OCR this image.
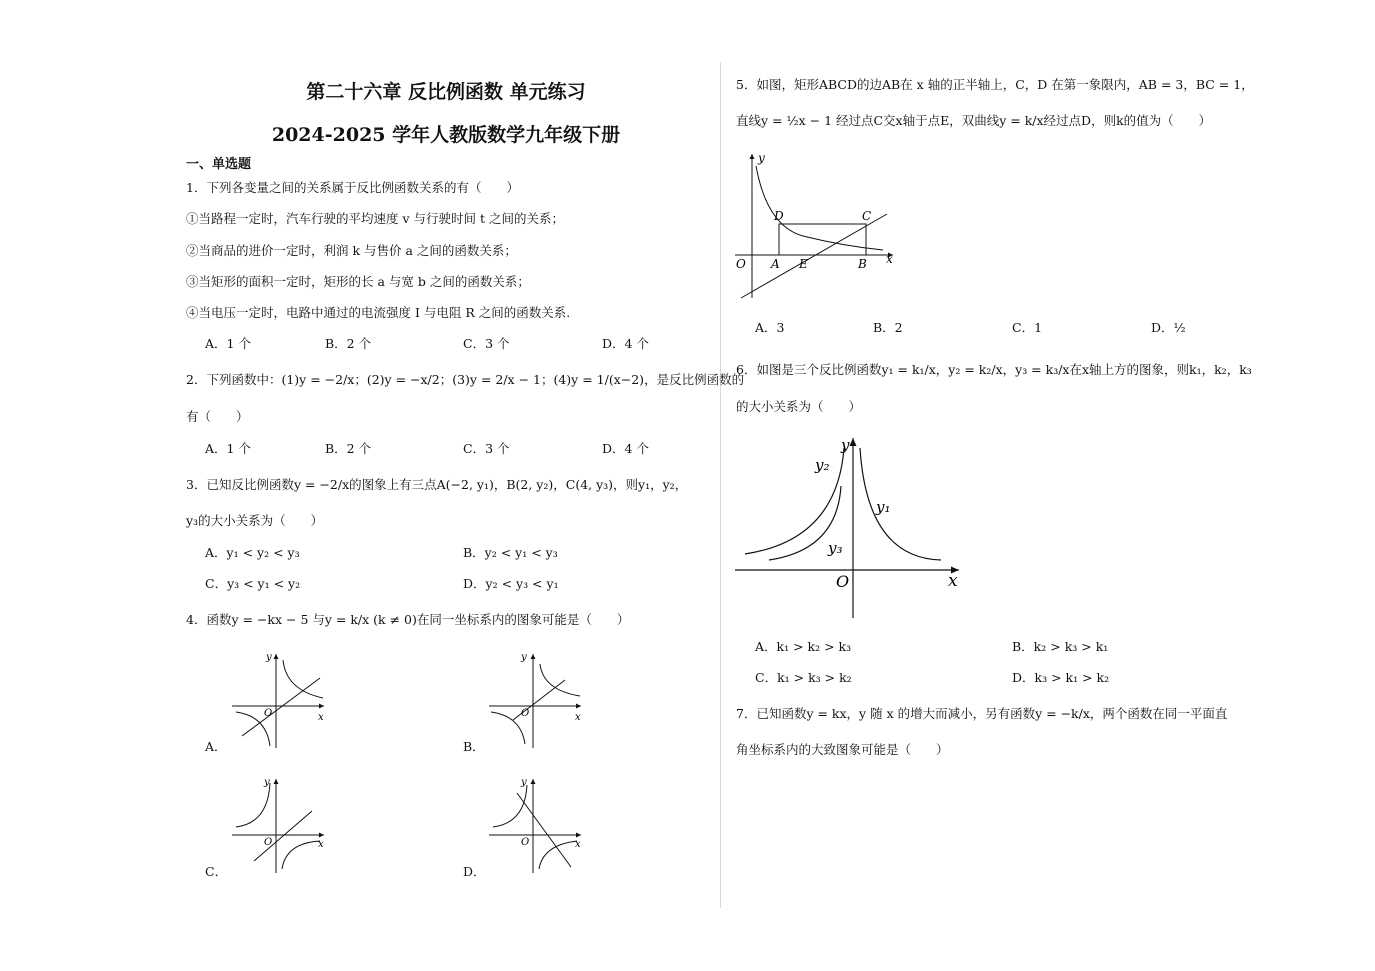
第二十六章 反比例函数 单元练习
2024-2025 学年人教版数学九年级下册
一、单选题
1．下列各变量之间的关系属于反比例函数关系的有（　　）
①当路程一定时，汽车行驶的平均速度 v 与行驶时间 t 之间的关系；
②当商品的进价一定时，利润 k 与售价 a 之间的函数关系；
③当矩形的面积一定时，矩形的长 a 与宽 b 之间的函数关系；
④当电压一定时，电路中通过的电流强度 I 与电阻 R 之间的函数关系.
A．1 个	B．2 个	C．3 个	D．4 个
2．下列函数中：(1)y = −2/x；(2)y = −x/2；(3)y = 2/x − 1；(4)y = 1/(x−2)，是反比例函数的
有（　　）
A．1 个	B．2 个	C．3 个	D．4 个
3．已知反比例函数y = −2/x的图象上有三点A(−2, y₁)，B(2, y₂)，C(4, y₃)，则y₁，y₂，
y₃的大小关系为（　　）
A．y₁ < y₂ < y₃	B．y₂ < y₁ < y₃
C．y₃ < y₁ < y₂	D．y₂ < y₃ < y₁
4．函数y = −kx − 5 与y = k/x (k ≠ 0)在同一坐标系内的图象可能是（　　）
y
x
O
A．
y
x
O
B．
y
x
O
C．
y
x
O
D．
5．如图，矩形ABCD的边AB在 x 轴的正半轴上，C，D 在第一象限内，AB = 3，BC = 1，
直线y = ½x − 1 经过点C交x轴于点E，双曲线y = k/x经过点D，则k的值为（　　）
y
x
O A E	B
C
D
A．3	B．2	C．1	D．½
6．如图是三个反比例函数y₁ = k₁/x，y₂ = k₂/x，y₃ = k₃/x在x轴上方的图象，则k₁，k₂，k₃
的大小关系为（　　）
y
x
O
y₂
y₃
y₁
A．k₁ > k₂ > k₃	B．k₂ > k₃ > k₁
C．k₁ > k₃ > k₂	D．k₃ > k₁ > k₂
7．已知函数y = kx，y 随 x 的增大而减小，另有函数y = −k/x，两个函数在同一平面直
角坐标系内的大致图象可能是（　　）
